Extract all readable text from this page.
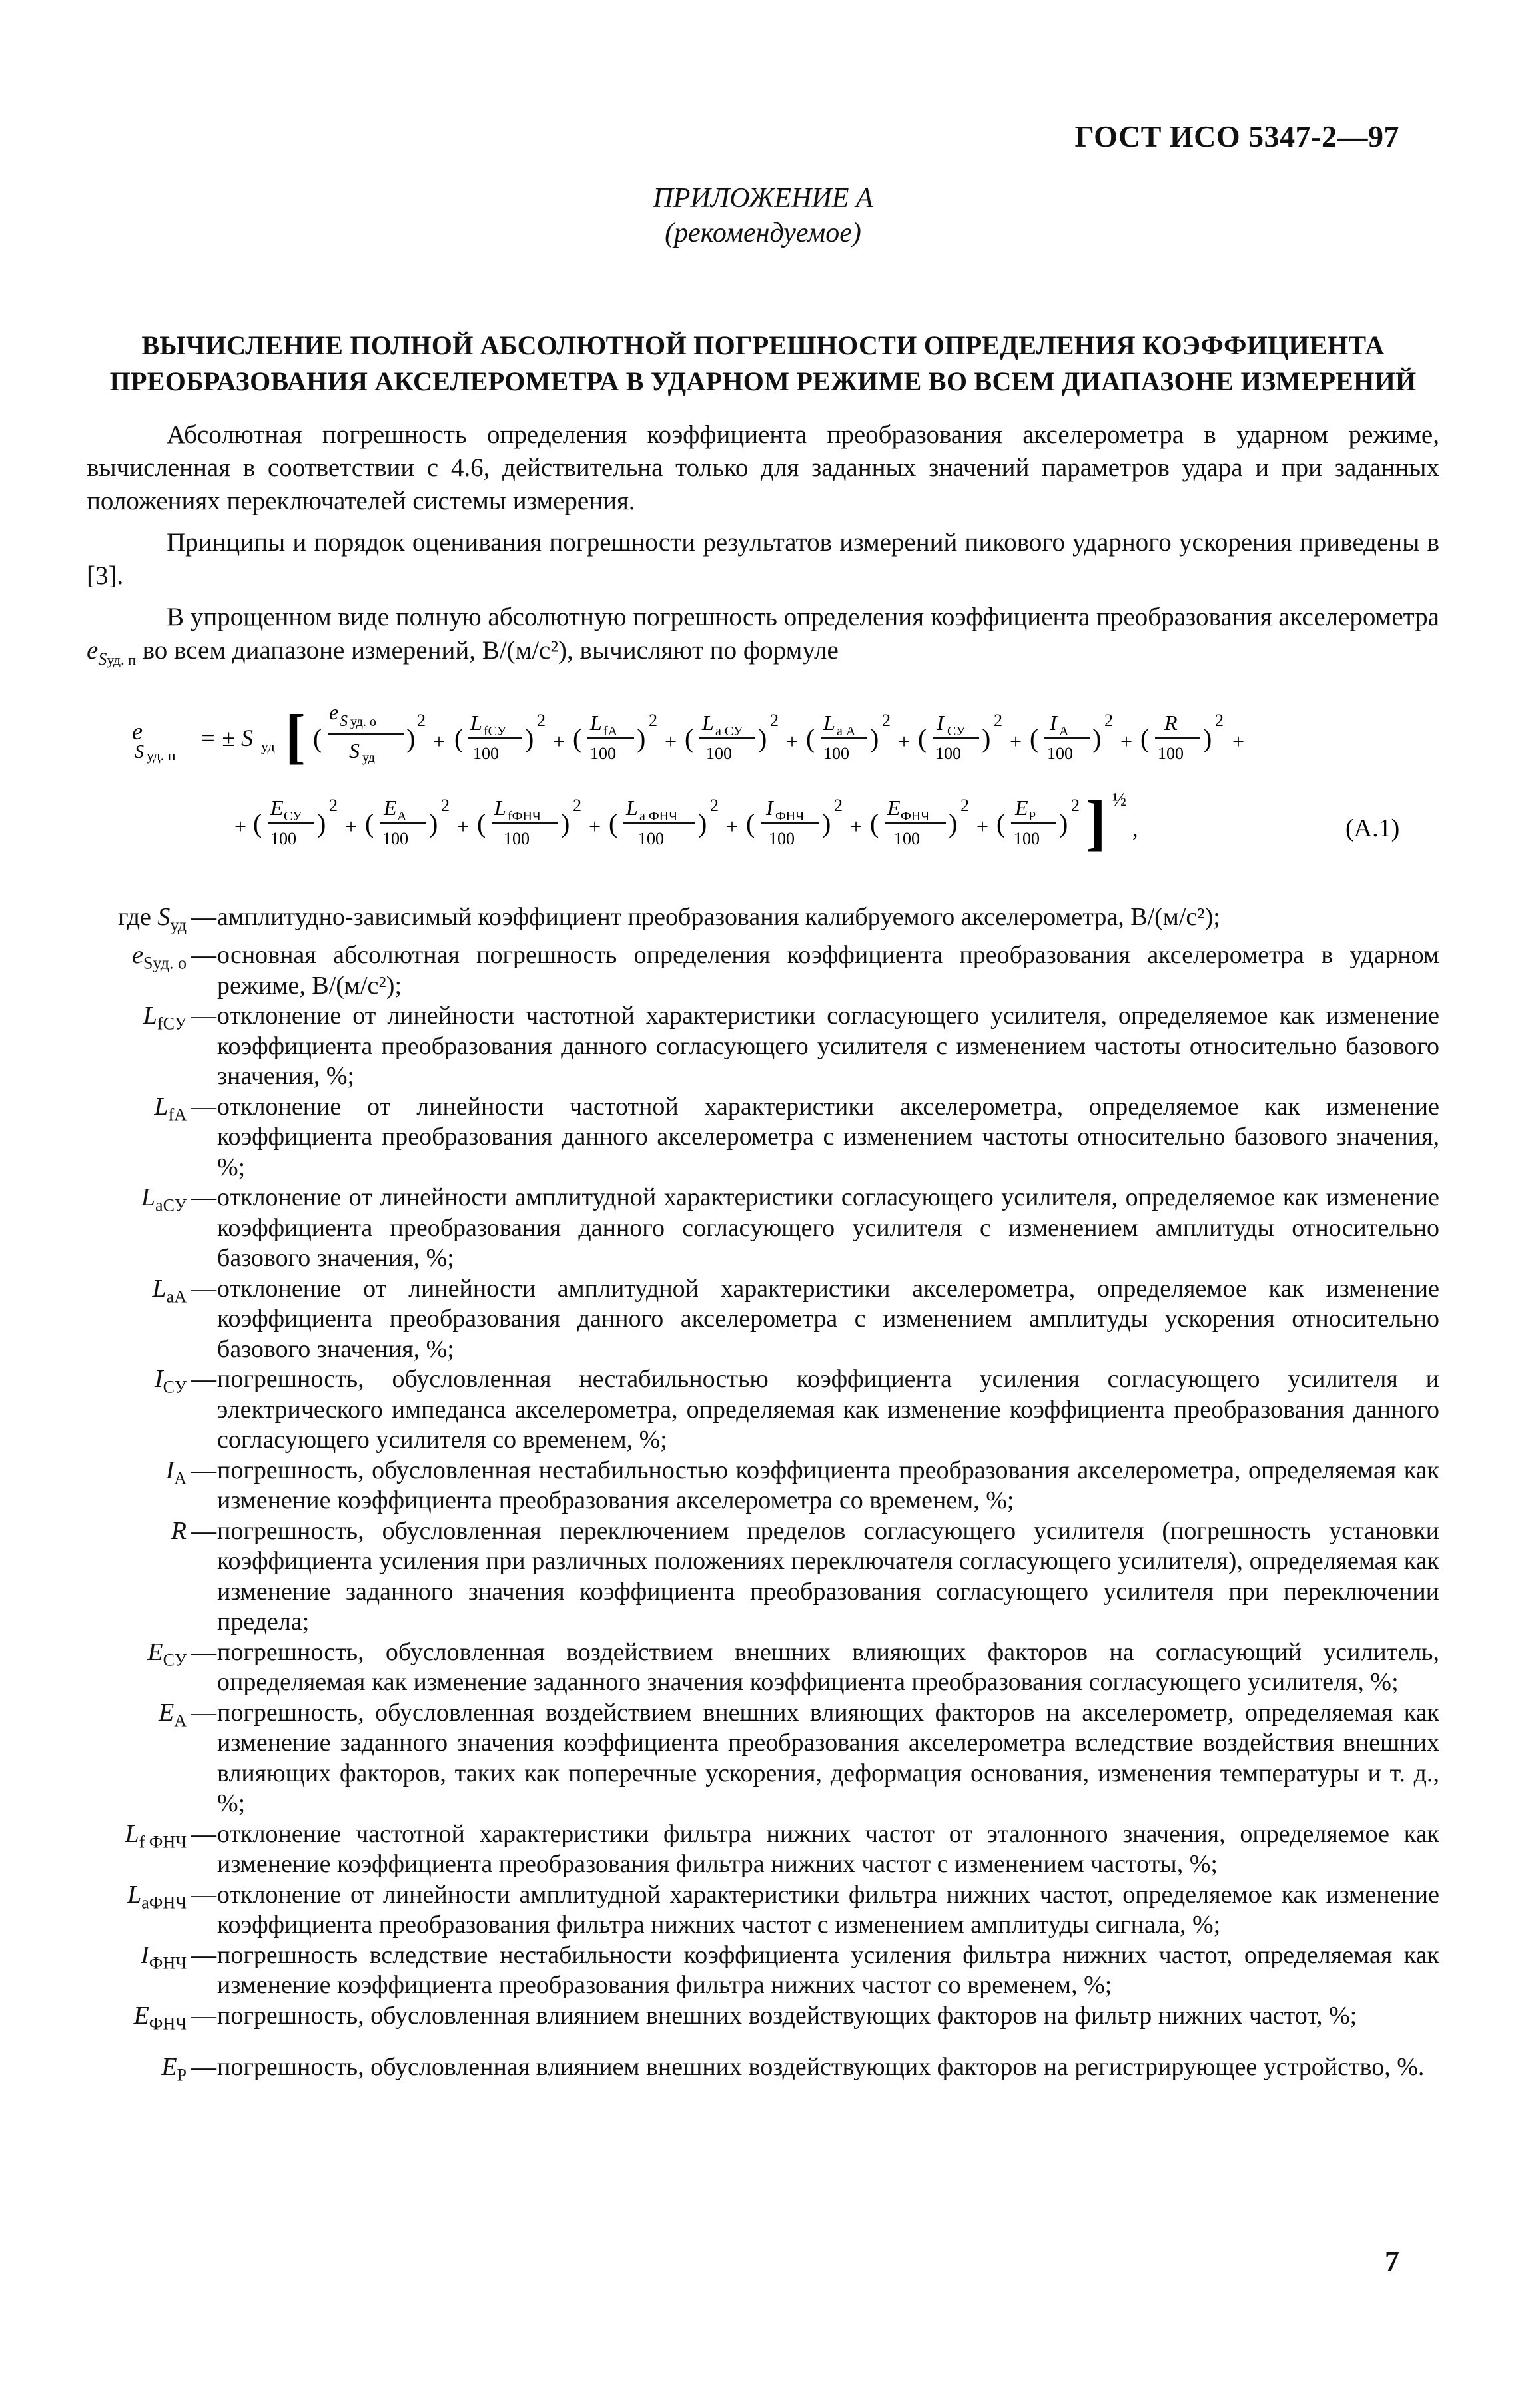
ГОСТ ИСО 5347-2—97
ПРИЛОЖЕНИЕ А
(рекомендуемое)
ВЫЧИСЛЕНИЕ ПОЛНОЙ АБСОЛЮТНОЙ ПОГРЕШНОСТИ ОПРЕДЕЛЕНИЯ КОЭФФИЦИЕНТА
ПРЕОБРАЗОВАНИЯ АКСЕЛЕРОМЕТРА В УДАРНОМ РЕЖИМЕ ВО ВСЕМ ДИАПАЗОНЕ ИЗМЕРЕНИЙ

Абсолютная погрешность определения коэффициента преобразования акселерометра в ударном режиме, вычисленная в соответствии с 4.6, действительна только для заданных значений параметров удара и при заданных положениях переключателей системы измерения.

Принципы и порядок оценивания погрешности результатов измерений пикового ударного ускорения приведены в [3].

В упрощенном виде полную абсолютную погрешность определения коэффициента преобразования акселерометра $e_{Sуд. п}$ во всем диапазоне измерений, В/(м/с²), вычисляют по формуле

e
S уд. п
= ± S уд [ (
e S уд. о
S уд
)
2
+ (
L fСУ
100
)
2
+ (
L fА
100
)
2
+ (
L а СУ
100
)
2
+ (
L а А
100
)
2
+ (
I СУ
100
)
2
+ (
I А
100
)
2
+ (
R
100
)
2
+
+ (
E СУ
100
)
2
+ (
E А
100
)
2
+ (
L fФНЧ
100
)
2
+ (
L а ФНЧ
100
)
2
+ (
I ФНЧ
100
)
2
+ (
E ФНЧ
100
)
2
+ (
E Р
100
)
2 ] ½
,	(А.1)
где $S_{уд}$ — амплитудно-зависимый коэффициент преобразования калибруемого акселерометра, В/(м/с²);
$e_{Sуд. о}$ — основная абсолютная погрешность определения коэффициента преобразования акселерометра в ударном режиме, В/(м/с²);
$L_{fСУ}$ — отклонение от линейности частотной характеристики согласующего усилителя, определяемое как изменение коэффициента преобразования данного согласующего усилителя с изменением частоты относительно базового значения, %;
$L_{fА}$ — отклонение от линейности частотной характеристики акселерометра, определяемое как изменение коэффициента преобразования данного акселерометра с изменением частоты относительно базового значения, %;
$L_{аСУ}$ — отклонение от линейности амплитудной характеристики согласующего усилителя, определяемое как изменение коэффициента преобразования данного согласующего усилителя с изменением амплитуды относительно базового значения, %;
$L_{аА}$ — отклонение от линейности амплитудной характеристики акселерометра, определяемое как изменение коэффициента преобразования данного акселерометра с изменением амплитуды ускорения относительно базового значения, %;
$I_{СУ}$ — погрешность, обусловленная нестабильностью коэффициента усиления согласующего усилителя и электрического импеданса акселерометра, определяемая как изменение коэффициента преобразования данного согласующего усилителя со временем, %;
$I_А$ — погрешность, обусловленная нестабильностью коэффициента преобразования акселерометра, определяемая как изменение коэффициента преобразования акселерометра со временем, %;
R — погрешность, обусловленная переключением пределов согласующего усилителя (погрешность установки коэффициента усиления при различных положениях переключателя согласующего усилителя), определяемая как изменение заданного значения коэффициента преобразования согласующего усилителя при переключении предела;
$E_{СУ}$ — погрешность, обусловленная воздействием внешних влияющих факторов на согласующий усилитель, определяемая как изменение заданного значения коэффициента преобразования согласующего усилителя, %;
$E_А$ — погрешность, обусловленная воздействием внешних влияющих факторов на акселерометр, определяемая как изменение заданного значения коэффициента преобразования акселерометра вследствие воздействия внешних влияющих факторов, таких как поперечные ускорения, деформация основания, изменения температуры и т. д., %;
$L_{f ФНЧ}$ — отклонение частотной характеристики фильтра нижних частот от эталонного значения, определяемое как изменение коэффициента преобразования фильтра нижних частот с изменением частоты, %;
$L_{аФНЧ}$ — отклонение от линейности амплитудной характеристики фильтра нижних частот, определяемое как изменение коэффициента преобразования фильтра нижних частот с изменением амплитуды сигнала, %;
$I_{ФНЧ}$ — погрешность вследствие нестабильности коэффициента усиления фильтра нижних частот, определяемая как изменение коэффициента преобразования фильтра нижних частот со временем, %;
$E_{ФНЧ}$ — погрешность, обусловленная влиянием внешних воздействующих факторов на фильтр нижних частот, %;
$E_Р$ — погрешность, обусловленная влиянием внешних воздействующих факторов на регистрирующее устройство, %.
7
